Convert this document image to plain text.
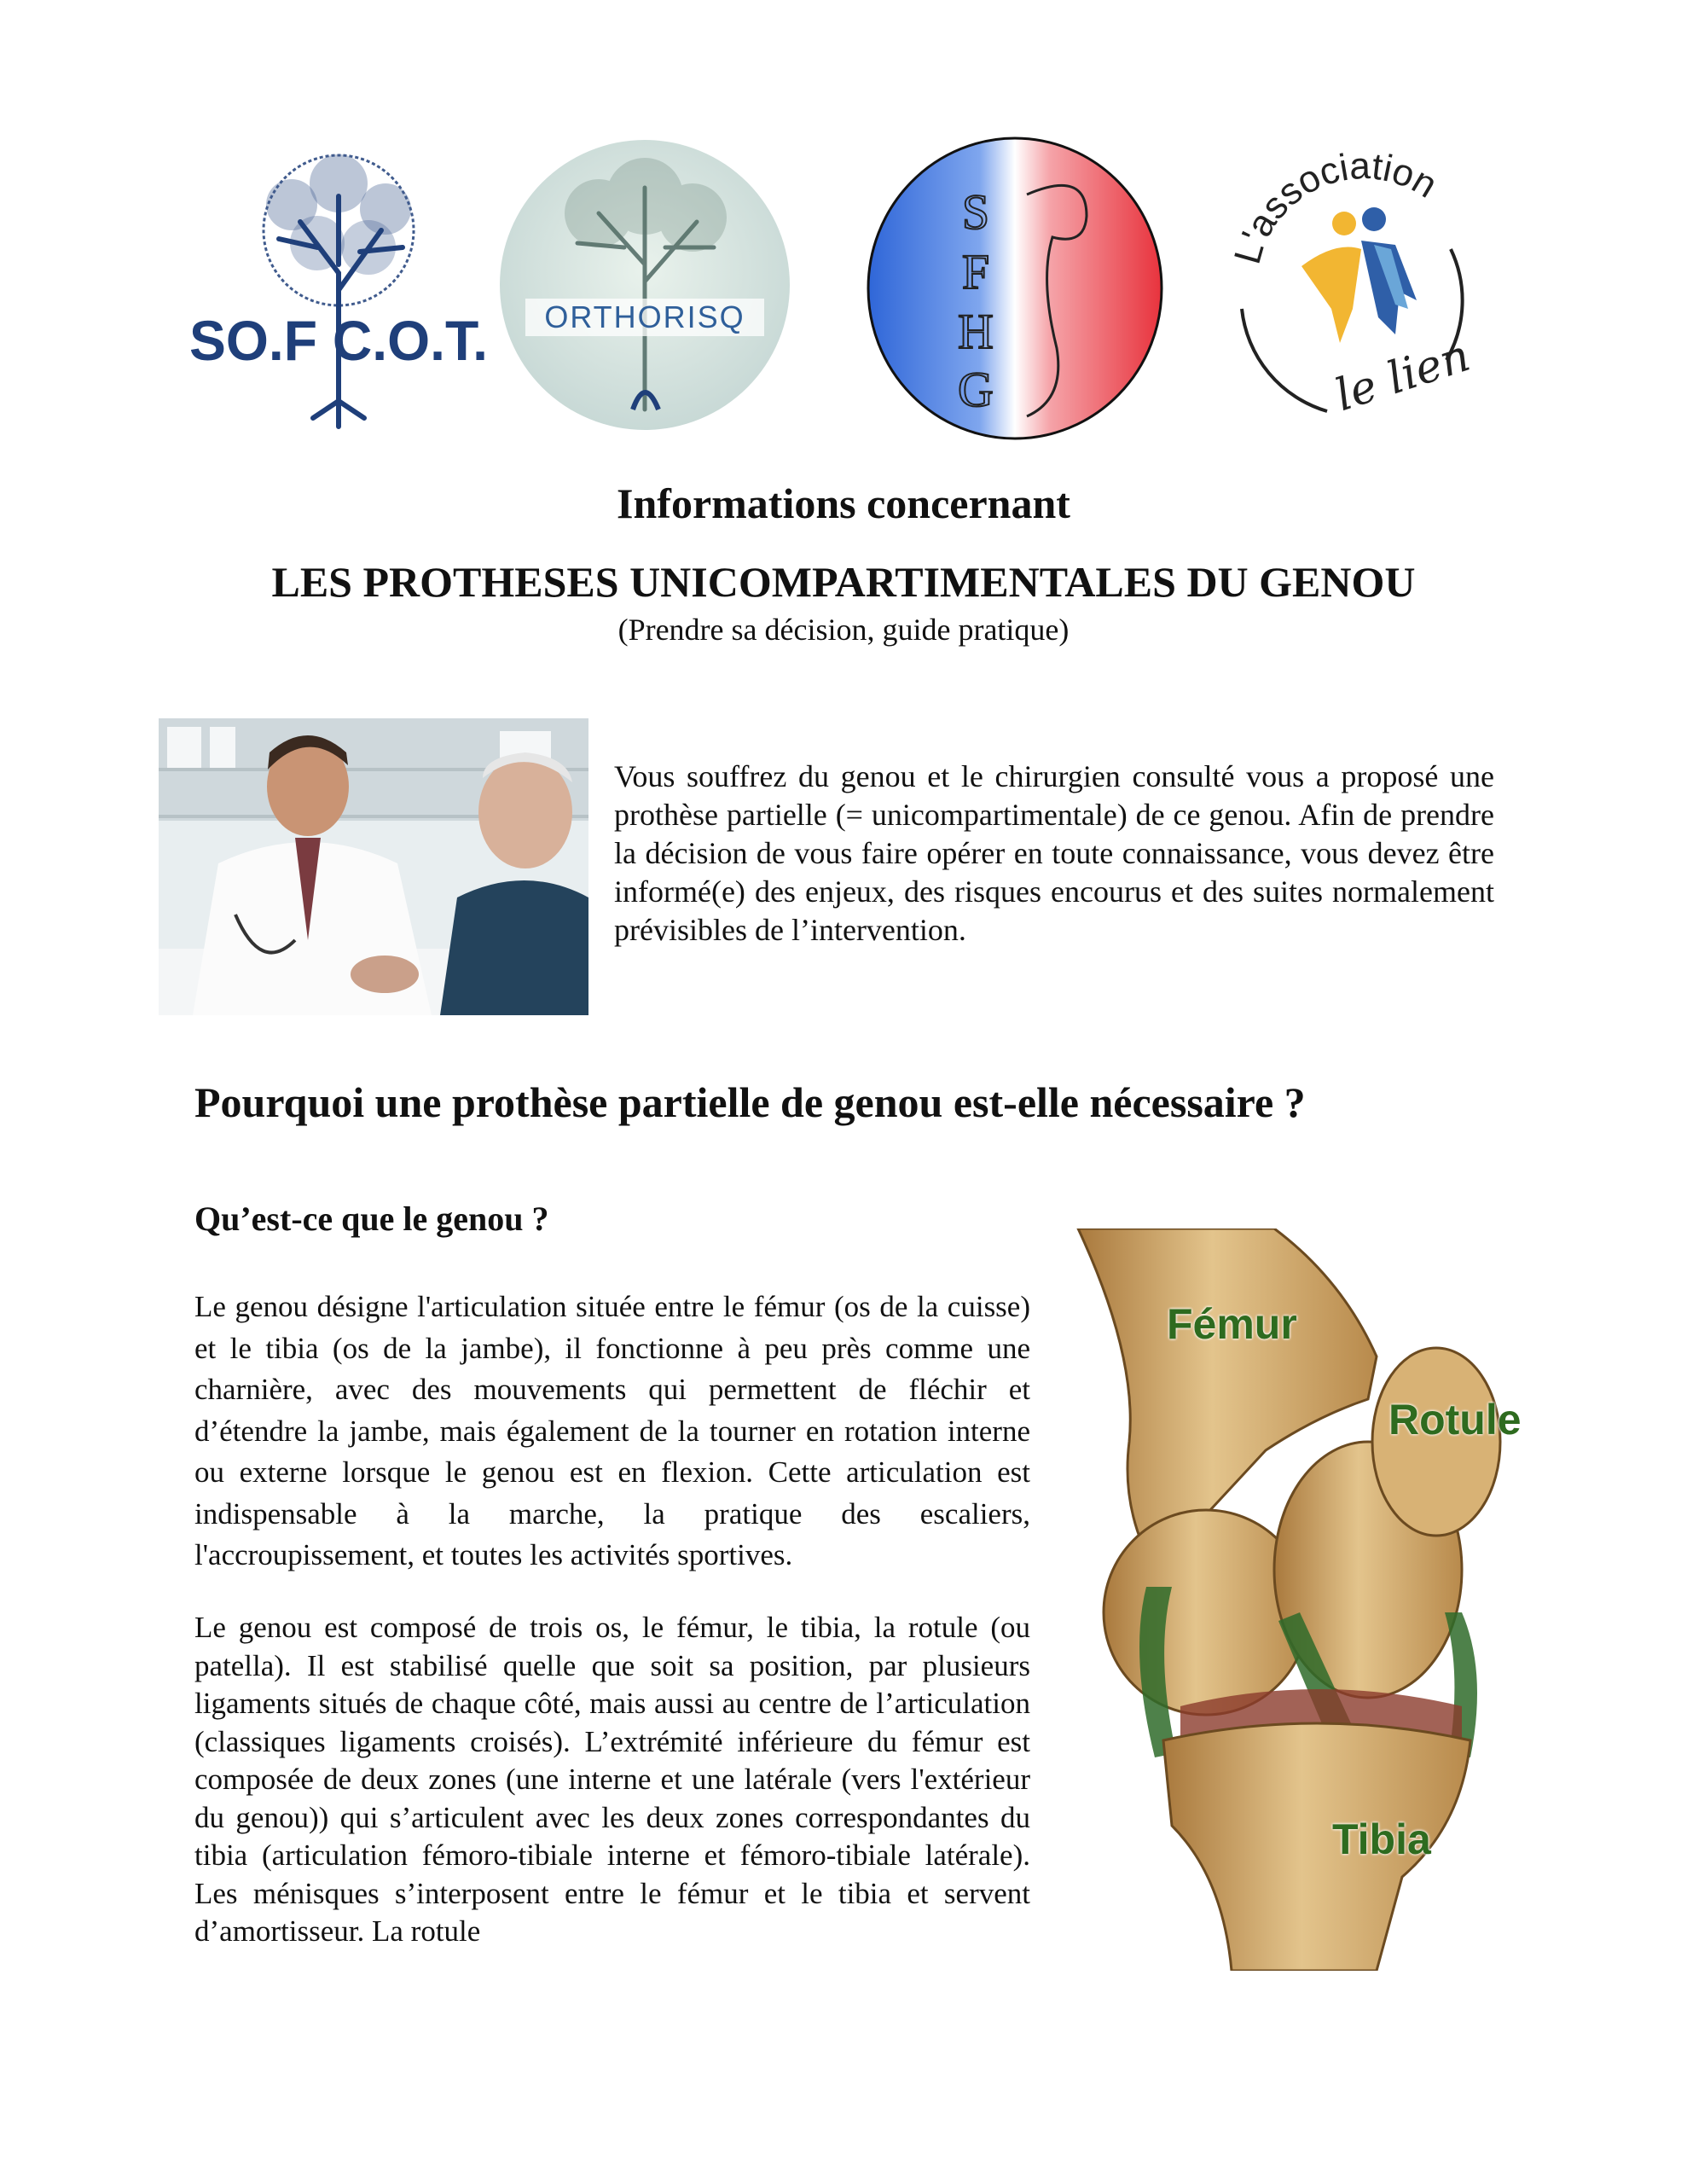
SO.F C.O.T. ORTHORISQ
S
F
H
G
L'association
le lien
Informations concernant
LES PROTHESES UNICOMPARTIMENTALES DU GENOU
(Prendre sa décision, guide pratique)
Vous souffrez du genou et le chirurgien consulté vous a proposé une prothèse partielle (= unicompartimentale) de ce genou. Afin de prendre la décision de vous faire opérer en toute connaissance, vous devez être informé(e) des enjeux, des risques encourus et des suites normalement prévisibles de l’intervention.
Pourquoi une prothèse partielle de genou est-elle nécessaire ?
Qu’est-ce que le genou ?
Le genou désigne l'articulation située entre le fémur (os de la cuisse) et le tibia (os de la jambe), il fonctionne à peu près comme une charnière, avec des mouvements qui permettent de fléchir et d’étendre la jambe, mais également de la tourner en rotation interne ou externe lorsque le genou est en flexion. Cette articulation est indispensable à la marche, la pratique des escaliers, l'accroupissement, et toutes les activités sportives.
Le genou est composé de trois os, le fémur, le tibia, la rotule (ou patella). Il est stabilisé quelle que soit sa position, par plusieurs ligaments situés de chaque côté, mais aussi au centre de l’articulation (classiques ligaments croisés). L’extrémité inférieure du fémur est composée de deux zones (une interne et une latérale (vers l'extérieur du genou)) qui s’articulent avec les deux zones correspondantes du tibia (articulation fémoro-tibiale interne et fémoro-tibiale latérale). Les ménisques s’interposent entre le fémur et le tibia et servent d’amortisseur. La rotule
Fémur
Rotule
Tibia
